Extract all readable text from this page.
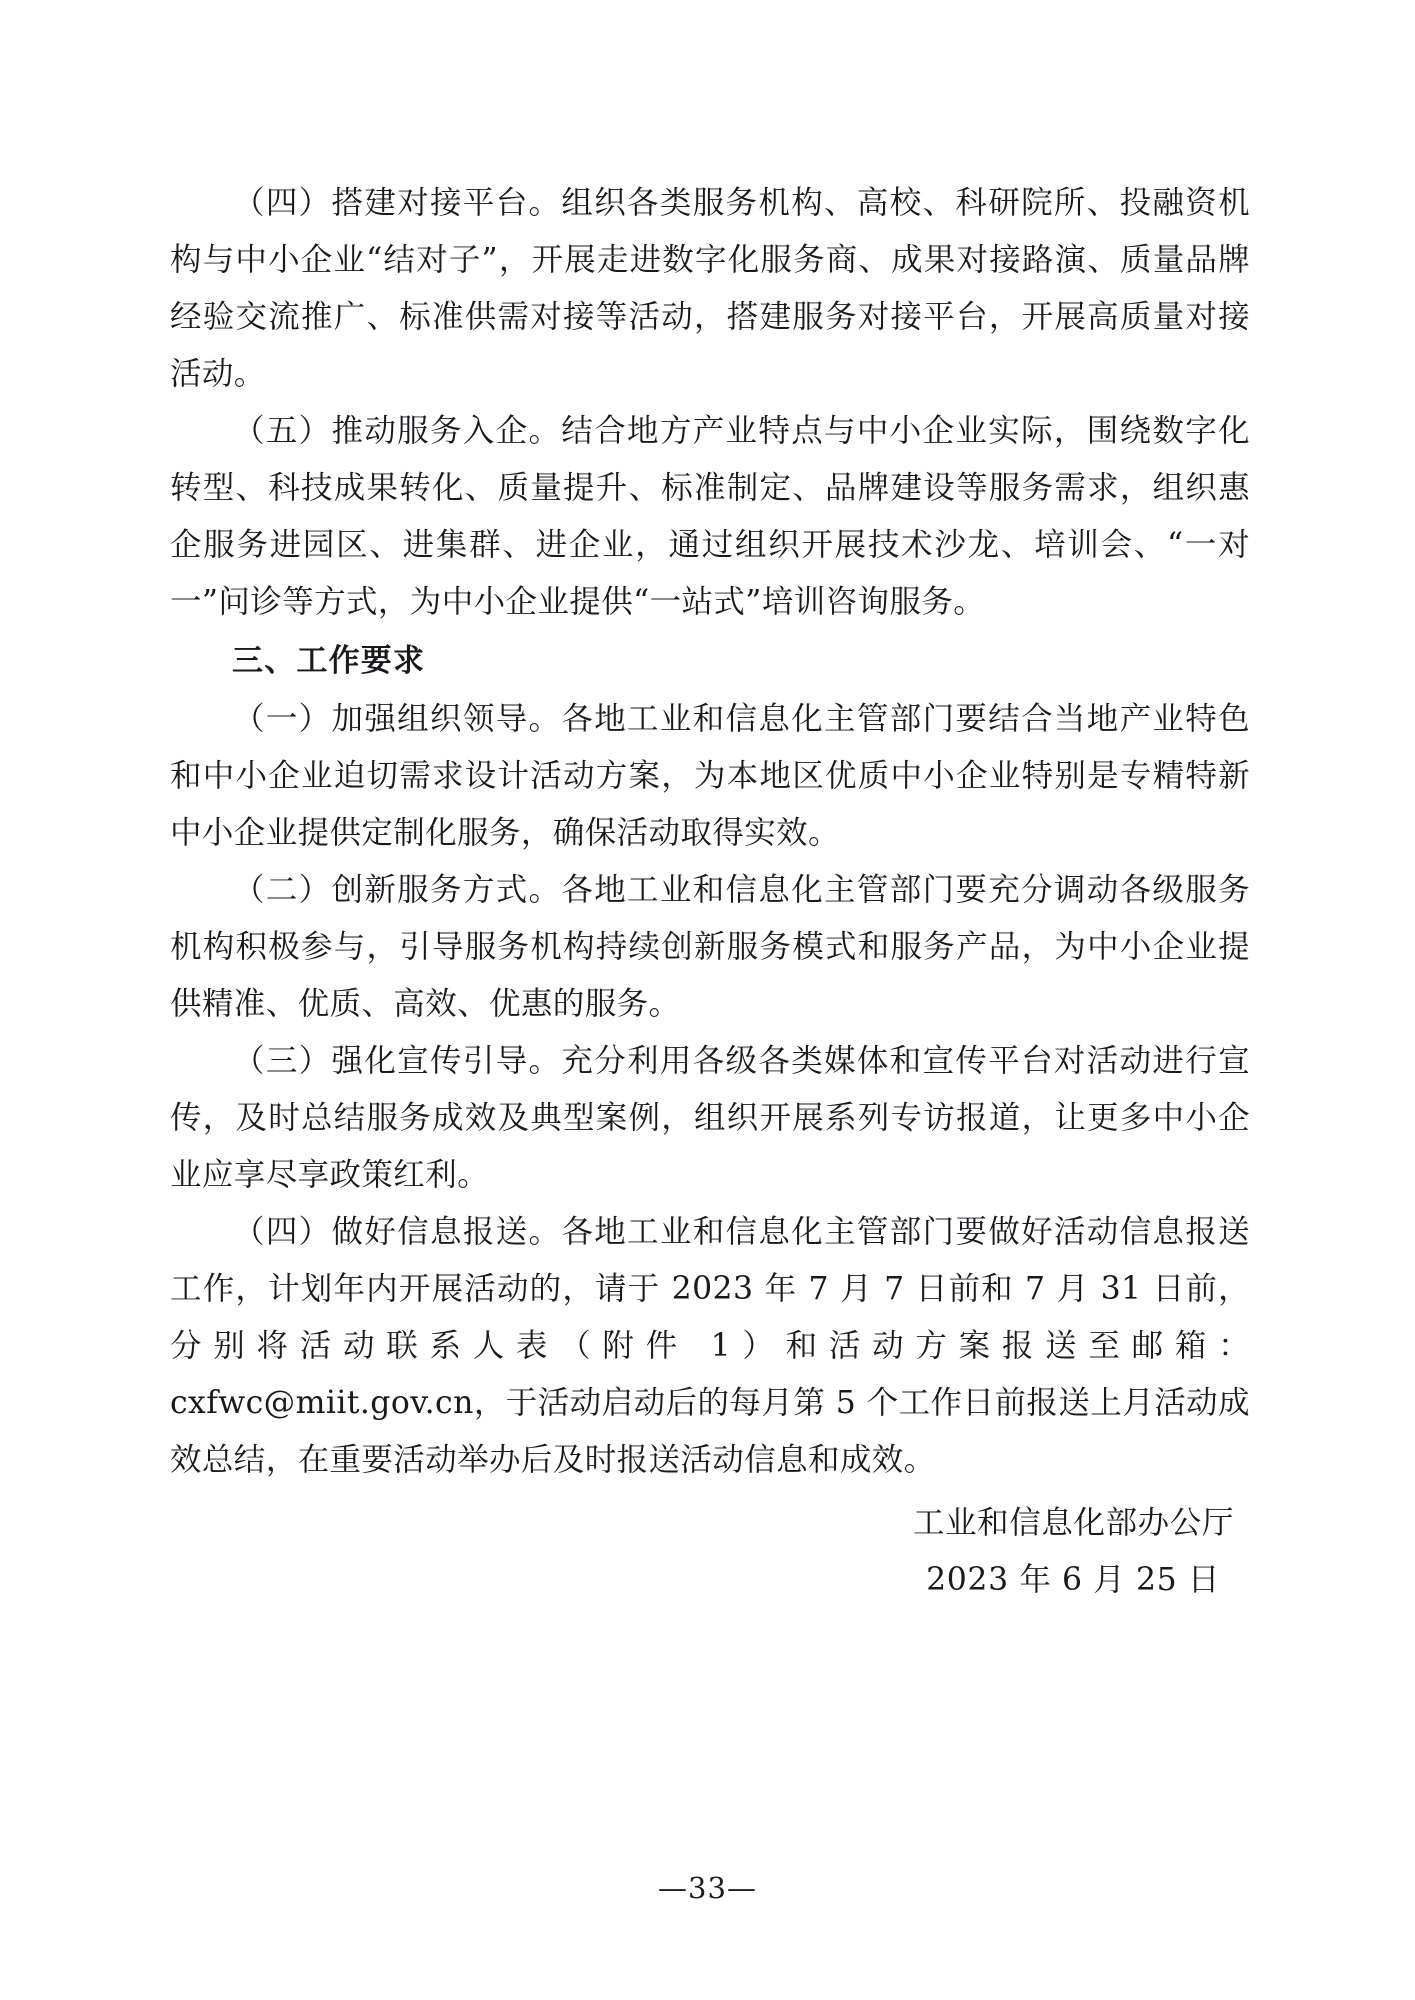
（四）搭建对接平台。组织各类服务机构、高校、科研院所、投融资机构与中小企业“结对子”，开展走进数字化服务商、成果对接路演、质量品牌经验交流推广、标准供需对接等活动，搭建服务对接平台，开展高质量对接活动。

（五）推动服务入企。结合地方产业特点与中小企业实际，围绕数字化转型、科技成果转化、质量提升、标准制定、品牌建设等服务需求，组织惠企服务进园区、进集群、进企业，通过组织开展技术沙龙、培训会、“一对一”问诊等方式，为中小企业提供“一站式”培训咨询服务。

三、工作要求

（一）加强组织领导。各地工业和信息化主管部门要结合当地产业特色和中小企业迫切需求设计活动方案，为本地区优质中小企业特别是专精特新中小企业提供定制化服务，确保活动取得实效。

（二）创新服务方式。各地工业和信息化主管部门要充分调动各级服务机构积极参与，引导服务机构持续创新服务模式和服务产品，为中小企业提供精准、优质、高效、优惠的服务。

（三）强化宣传引导。充分利用各级各类媒体和宣传平台对活动进行宣传，及时总结服务成效及典型案例，组织开展系列专访报道，让更多中小企业应享尽享政策红利。

（四）做好信息报送。各地工业和信息化主管部门要做好活动信息报送工作，计划年内开展活动的，请于 2023 年 7 月 7 日前和 7 月 31 日前，分别将活动联系人表（附件 1）和活动方案报送至邮箱：cxfwc@miit.gov.cn，于活动启动后的每月第 5 个工作日前报送上月活动成效总结，在重要活动举办后及时报送活动信息和成效。

工业和信息化部办公厅
2023 年 6 月 25 日
—33—
